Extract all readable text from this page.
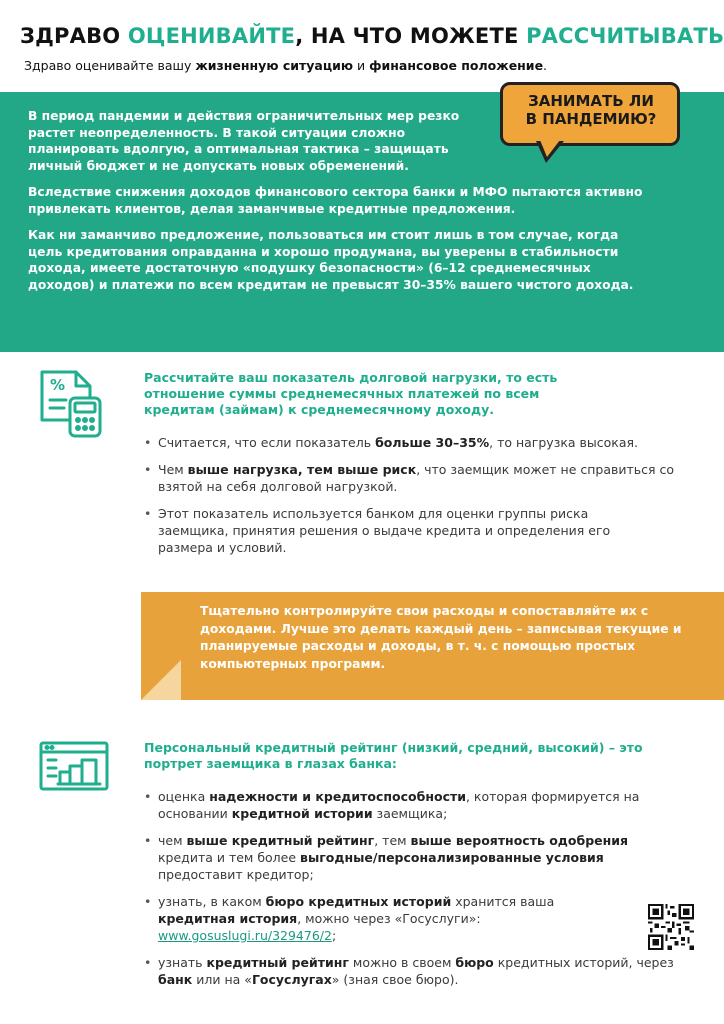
ЗДРАВО ОЦЕНИВАЙТЕ, НА ЧТО МОЖЕТЕ РАССЧИТЫВАТЬ
Здраво оценивайте вашу жизненную ситуацию и финансовое положение.

В период пандемии и действия ограничительных мер резко растет неопределенность. В такой ситуации сложно планировать вдолгую, а оптимальная тактика – защищать личный бюджет и не допускать новых обременений.

Вследствие снижения доходов финансового сектора банки и МФО пытаются активно привлекать клиентов, делая заманчивые кредитные предложения.

Как ни заманчиво предложение, пользоваться им стоит лишь в том случае, когда цель кредитования оправданна и хорошо продумана, вы уверены в стабильности дохода, имеете достаточную «подушку безопасности» (6–12 среднемесячных доходов) и платежи по всем кредитам не превысят 30–35% вашего чистого дохода.

ЗАНИМАТЬ ЛИ
В ПАНДЕМИЮ?
%	Рассчитайте ваш показатель долговой нагрузки, то есть отношение суммы среднемесячных платежей по всем кредитам (займам) к среднемесячному доходу.
• Считается, что если показатель больше 30–35%, то нагрузка высокая.
• Чем выше нагрузка, тем выше риск, что заемщик может не справиться со взятой на себя долговой нагрузкой.
• Этот показатель используется банком для оценки группы риска заемщика, принятия решения о выдаче кредита и определения его размера и условий.
Тщательно контролируйте свои расходы и сопоставляйте их с доходами. Лучше это делать каждый день – записывая текущие и планируемые расходы и доходы, в т. ч. с помощью простых компьютерных программ.
Персональный кредитный рейтинг (низкий, средний, высокий) – это портрет заемщика в глазах банка:
• оценка надежности и кредитоспособности, которая формируется на основании кредитной истории заемщика;
• чем выше кредитный рейтинг, тем выше вероятность одобрения кредита и тем более выгодные/персонализированные условия предоставит кредитор;
• узнать, в каком бюро кредитных историй хранится ваша кредитная история, можно через «Госуслуги»: www.gosuslugi.ru/329476/2;
• узнать кредитный рейтинг можно в своем бюро кредитных историй, через банк или на «Госуслугах» (зная свое бюро).
